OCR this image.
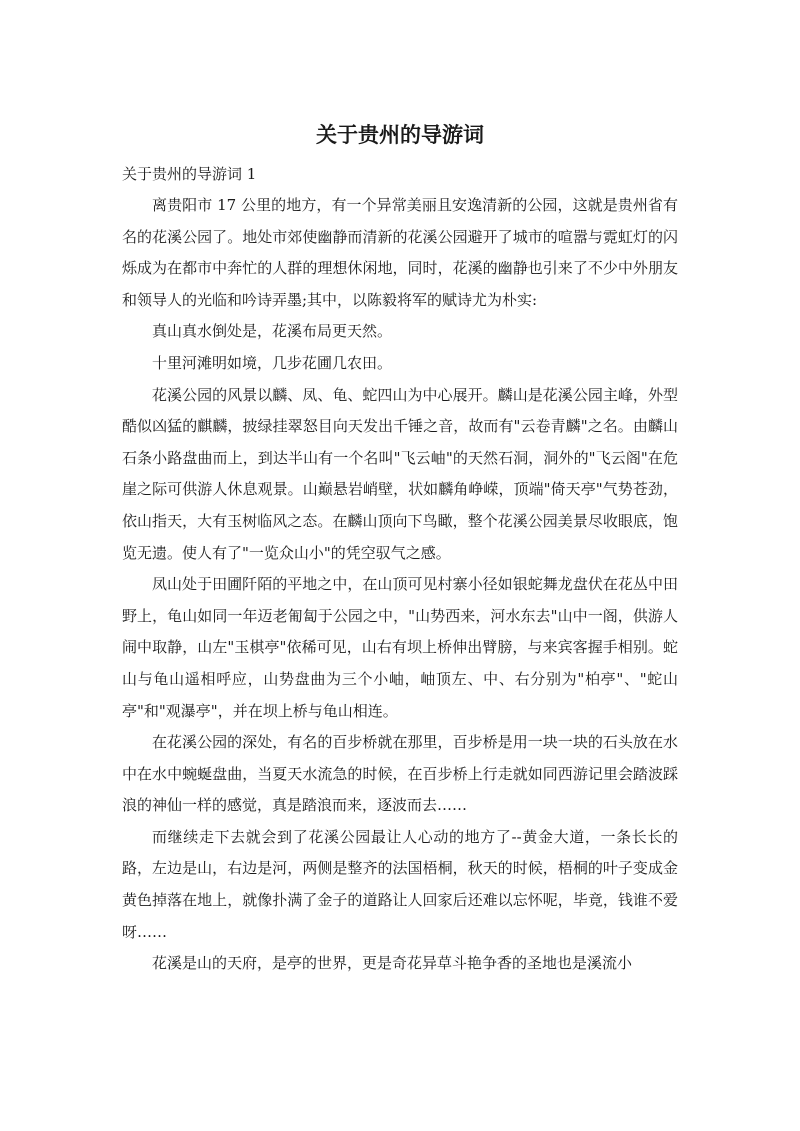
关于贵州的导游词

关于贵州的导游词 1

离贵阳市 17 公里的地方，有一个异常美丽且安逸清新的公园，这就是贵州省有名的花溪公园了。地处市郊使幽静而清新的花溪公园避开了城市的喧嚣与霓虹灯的闪烁成为在都市中奔忙的人群的理想休闲地，同时，花溪的幽静也引来了不少中外朋友和领导人的光临和吟诗弄墨;其中，以陈毅将军的赋诗尤为朴实:

真山真水倒处是，花溪布局更天然。

十里河滩明如境，几步花圃几农田。

花溪公园的风景以麟、凤、龟、蛇四山为中心展开。麟山是花溪公园主峰，外型酷似凶猛的麒麟，披绿挂翠怒目向天发出千锤之音，故而有"云卷青麟"之名。由麟山石条小路盘曲而上，到达半山有一个名叫"飞云岫"的天然石洞，洞外的"飞云阁"在危崖之际可供游人休息观景。山巅悬岩峭壁，状如麟角峥嵘，顶端"倚天亭"气势苍劲，依山指天，大有玉树临风之态。在麟山顶向下鸟瞰，整个花溪公园美景尽收眼底，饱览无遗。使人有了"一览众山小"的凭空驭气之感。

凤山处于田圃阡陌的平地之中，在山顶可见村寨小径如银蛇舞龙盘伏在花丛中田野上，龟山如同一年迈老匍匐于公园之中，"山势西来，河水东去"山中一阁，供游人闹中取静，山左"玉棋亭"依稀可见，山右有坝上桥伸出臂膀，与来宾客握手相别。蛇山与龟山遥相呼应，山势盘曲为三个小岫，岫顶左、中、右分别为"柏亭"、"蛇山亭"和"观瀑亭"，并在坝上桥与龟山相连。

在花溪公园的深处，有名的百步桥就在那里，百步桥是用一块一块的石头放在水中在水中蜿蜒盘曲，当夏天水流急的时候，在百步桥上行走就如同西游记里会踏波踩浪的神仙一样的感觉，真是踏浪而来，逐波而去……

而继续走下去就会到了花溪公园最让人心动的地方了--黄金大道，一条长长的路，左边是山，右边是河，两侧是整齐的法国梧桐，秋天的时候，梧桐的叶子变成金黄色掉落在地上，就像扑满了金子的道路让人回家后还难以忘怀呢，毕竟，钱谁不爱呀……

花溪是山的天府，是亭的世界，更是奇花异草斗艳争香的圣地也是溪流小
